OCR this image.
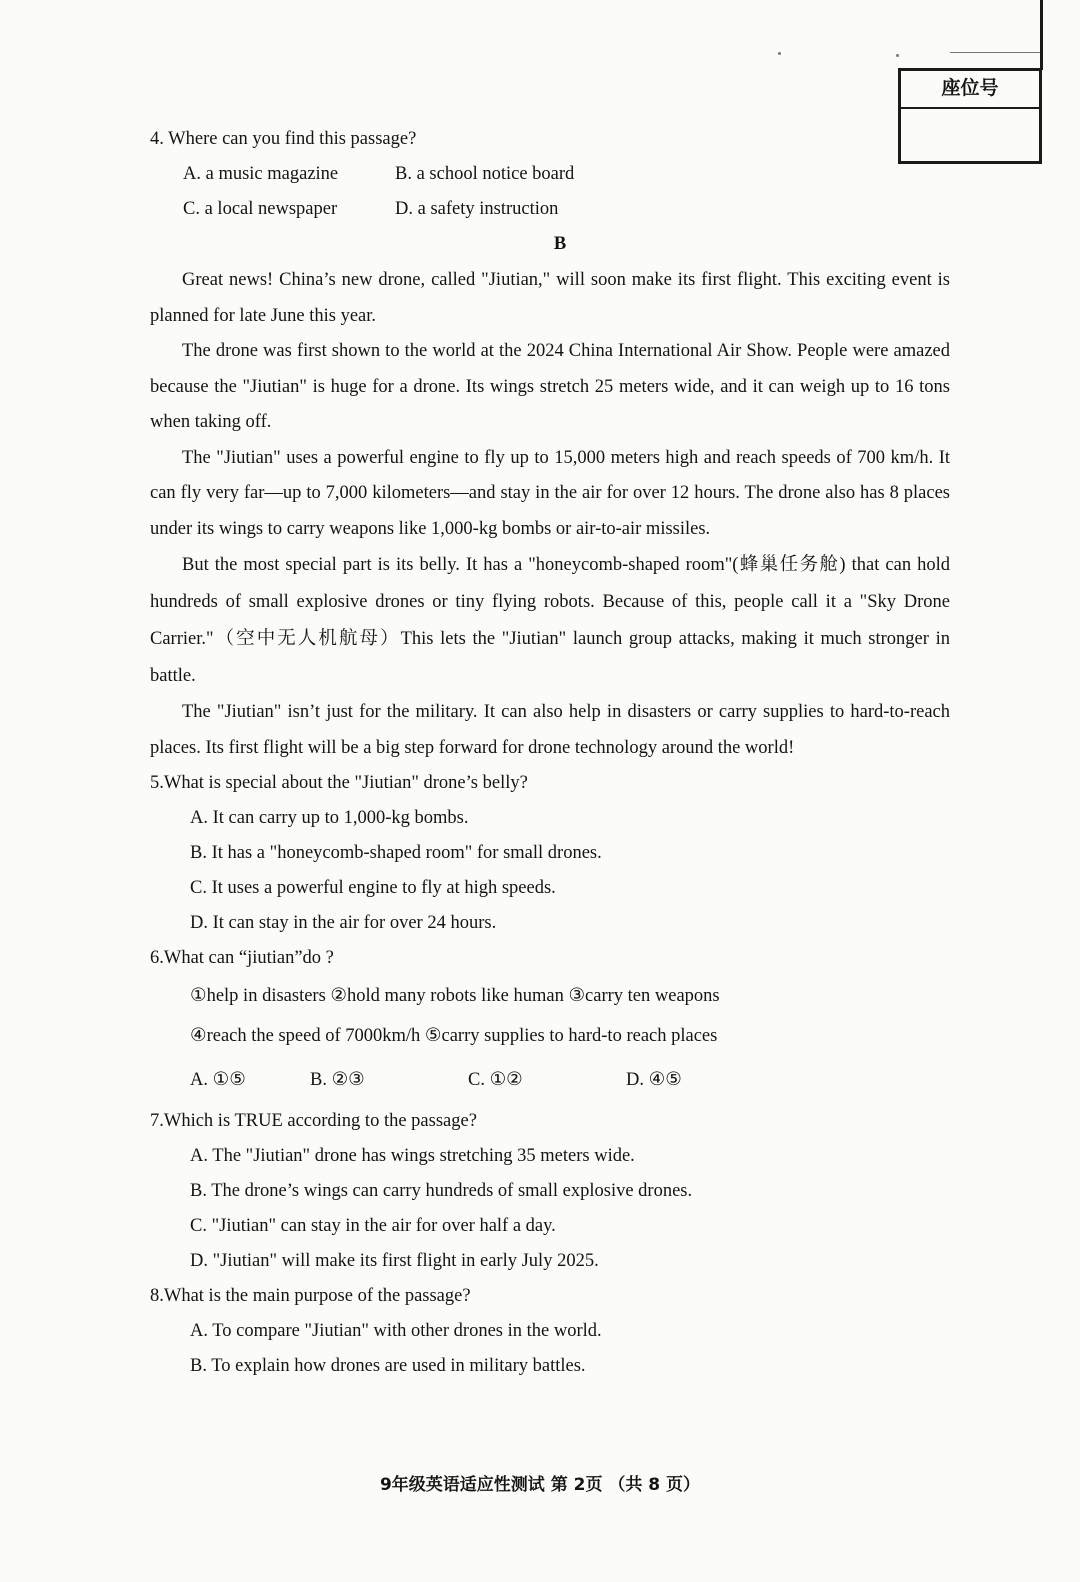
座位号
4. Where can you find this passage?
A. a music magazine	B. a school notice board
C. a local newspaper	D. a safety instruction
B

Great news! China’s new drone, called "Jiutian," will soon make its first flight. This exciting event is planned for late June this year.

The drone was first shown to the world at the 2024 China International Air Show. People were amazed because the "Jiutian" is huge for a drone. Its wings stretch 25 meters wide, and it can weigh up to 16 tons when taking off.

The "Jiutian" uses a powerful engine to fly up to 15,000 meters high and reach speeds of 700 km/h. It can fly very far—up to 7,000 kilometers—and stay in the air for over 12 hours. The drone also has 8 places under its wings to carry weapons like 1,000-kg bombs or air-to-air missiles.

But the most special part is its belly. It has a "honeycomb-shaped room"(蜂巢任务舱) that can hold hundreds of small explosive drones or tiny flying robots. Because of this, people call it a "Sky Drone Carrier."（空中无人机航母）This lets the "Jiutian" launch group attacks, making it much stronger in battle.

The "Jiutian" isn’t just for the military. It can also help in disasters or carry supplies to hard-to-reach places. Its first flight will be a big step forward for drone technology around the world!

5.What is special about the "Jiutian" drone’s belly?
A. It can carry up to 1,000-kg bombs.
B. It has a "honeycomb-shaped room" for small drones.
C. It uses a powerful engine to fly at high speeds.
D. It can stay in the air for over 24 hours.
6.What can “jiutian”do ?
①help in disasters ②hold many robots like human ③carry ten weapons
④reach the speed of 7000km/h ⑤carry supplies to hard-to reach places
A. ①⑤	B. ②③	C. ①②	D. ④⑤
7.Which is TRUE according to the passage?
A. The "Jiutian" drone has wings stretching 35 meters wide.
B. The drone’s wings can carry hundreds of small explosive drones.
C. "Jiutian" can stay in the air for over half a day.
D. "Jiutian" will make its first flight in early July 2025.
8.What is the main purpose of the passage?
A. To compare "Jiutian" with other drones in the world.
B. To explain how drones are used in military battles.
9年级英语适应性测试 第 2页 （共 8 页）
